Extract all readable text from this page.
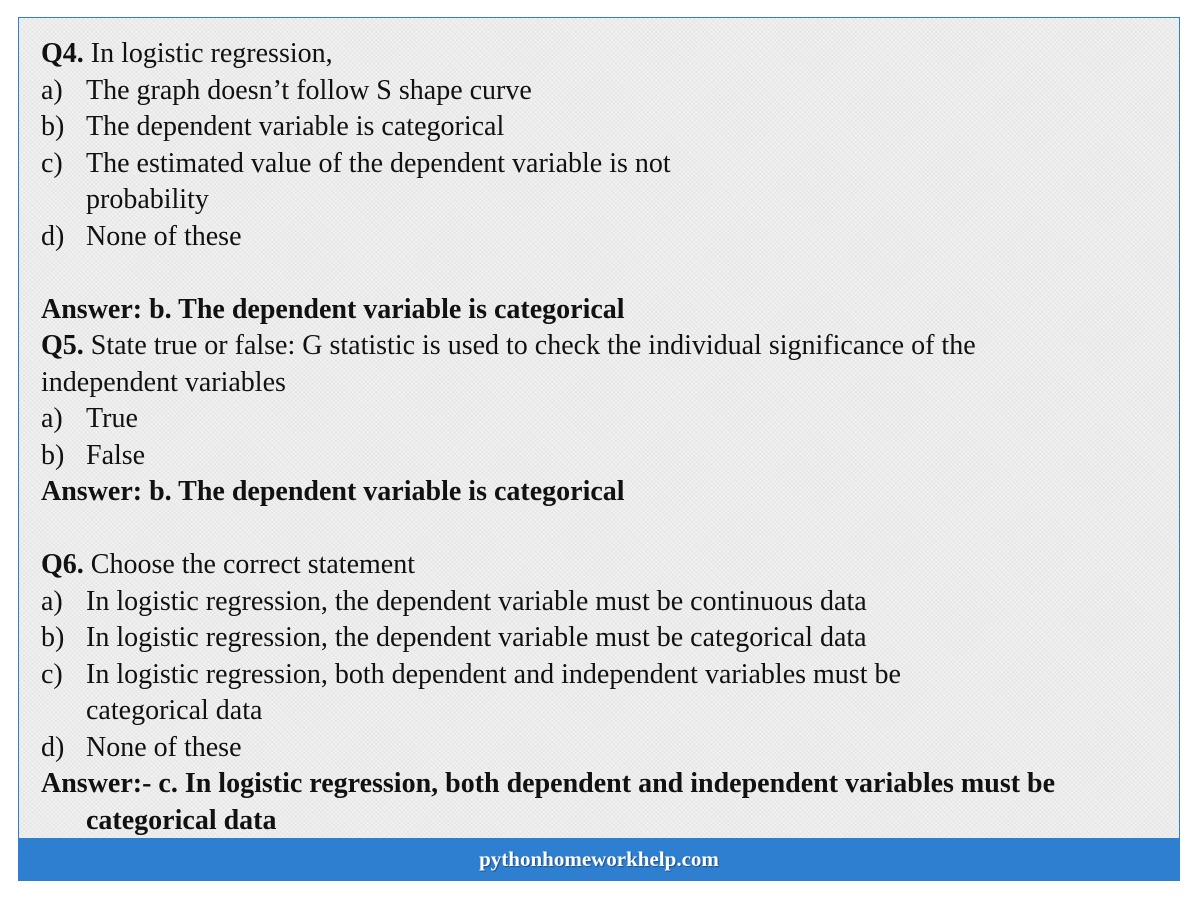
Q4. In logistic regression,
a) The graph doesn’t follow S shape curve
b) The dependent variable is categorical
c) The estimated value of the dependent variable is not probability
d) None of these
Answer: b. The dependent variable is categorical
Q5. State true or false: G statistic is used to check the individual significance of the
independent variables
a) True
b) False
Answer: b. The dependent variable is categorical
Q6. Choose the correct statement
a) In logistic regression, the dependent variable must be continuous data
b) In logistic regression, the dependent variable must be categorical data
c) In logistic regression, both dependent and independent variables must be categorical data
d) None of these
Answer:- c. In logistic regression, both dependent and independent variables must be categorical data
pythonhomeworkhelp.com
